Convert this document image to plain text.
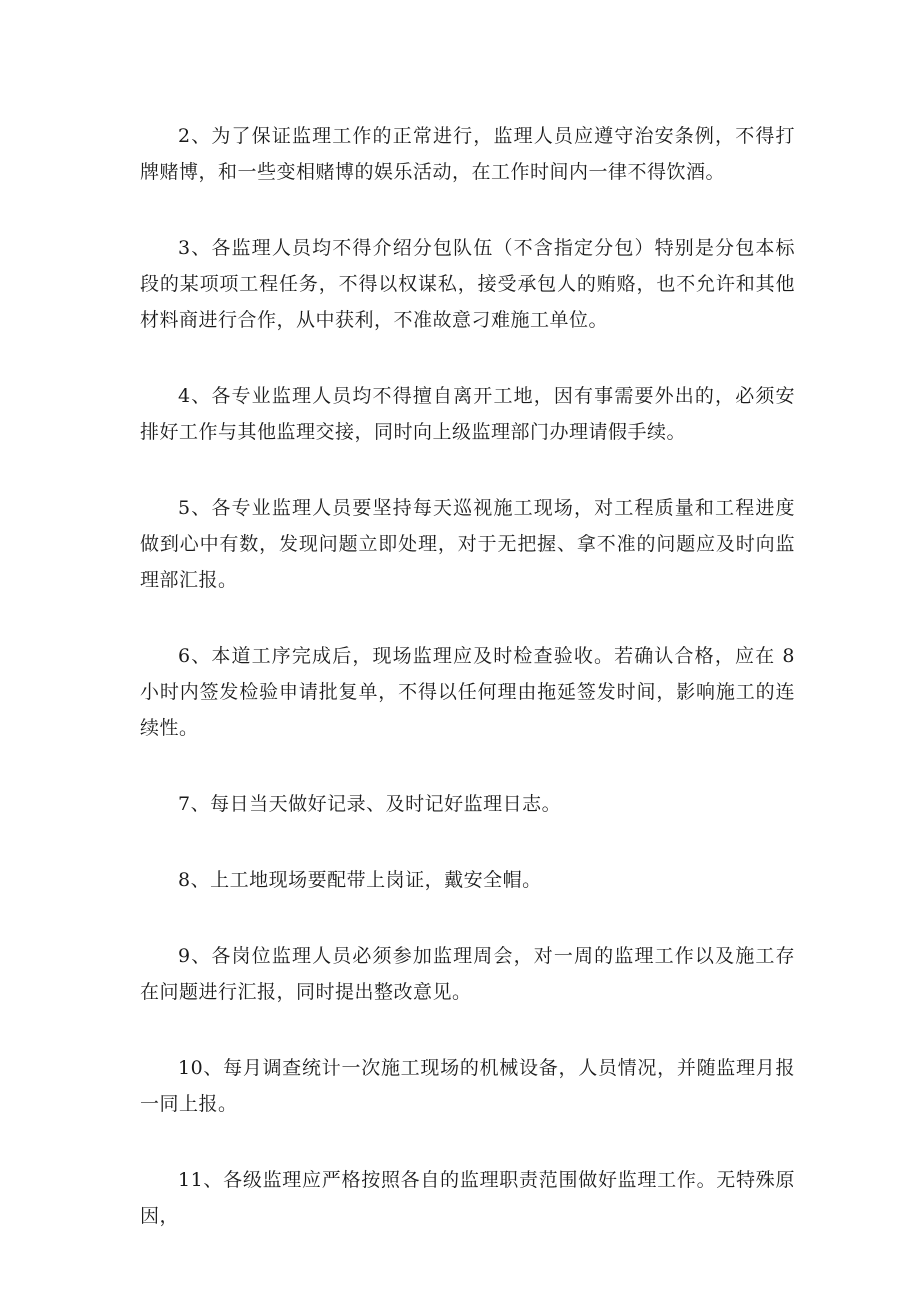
2、为了保证监理工作的正常进行，监理人员应遵守治安条例，不得打牌赌博，和一些变相赌博的娱乐活动，在工作时间内一律不得饮酒。

3、各监理人员均不得介绍分包队伍（不含指定分包）特别是分包本标段的某项项工程任务，不得以权谋私，接受承包人的贿赂，也不允许和其他材料商进行合作，从中获利，不准故意刁难施工单位。

4、各专业监理人员均不得擅自离开工地，因有事需要外出的，必须安排好工作与其他监理交接，同时向上级监理部门办理请假手续。

5、各专业监理人员要坚持每天巡视施工现场，对工程质量和工程进度做到心中有数，发现问题立即处理，对于无把握、拿不准的问题应及时向监理部汇报。

6、本道工序完成后，现场监理应及时检查验收。若确认合格，应在 8 小时内签发检验申请批复单，不得以任何理由拖延签发时间，影响施工的连续性。

7、每日当天做好记录、及时记好监理日志。

8、上工地现场要配带上岗证，戴安全帽。

9、各岗位监理人员必须参加监理周会，对一周的监理工作以及施工存在问题进行汇报，同时提出整改意见。

10、每月调查统计一次施工现场的机械设备，人员情况，并随监理月报一同上报。

11、各级监理应严格按照各自的监理职责范围做好监理工作。无特殊原因，
